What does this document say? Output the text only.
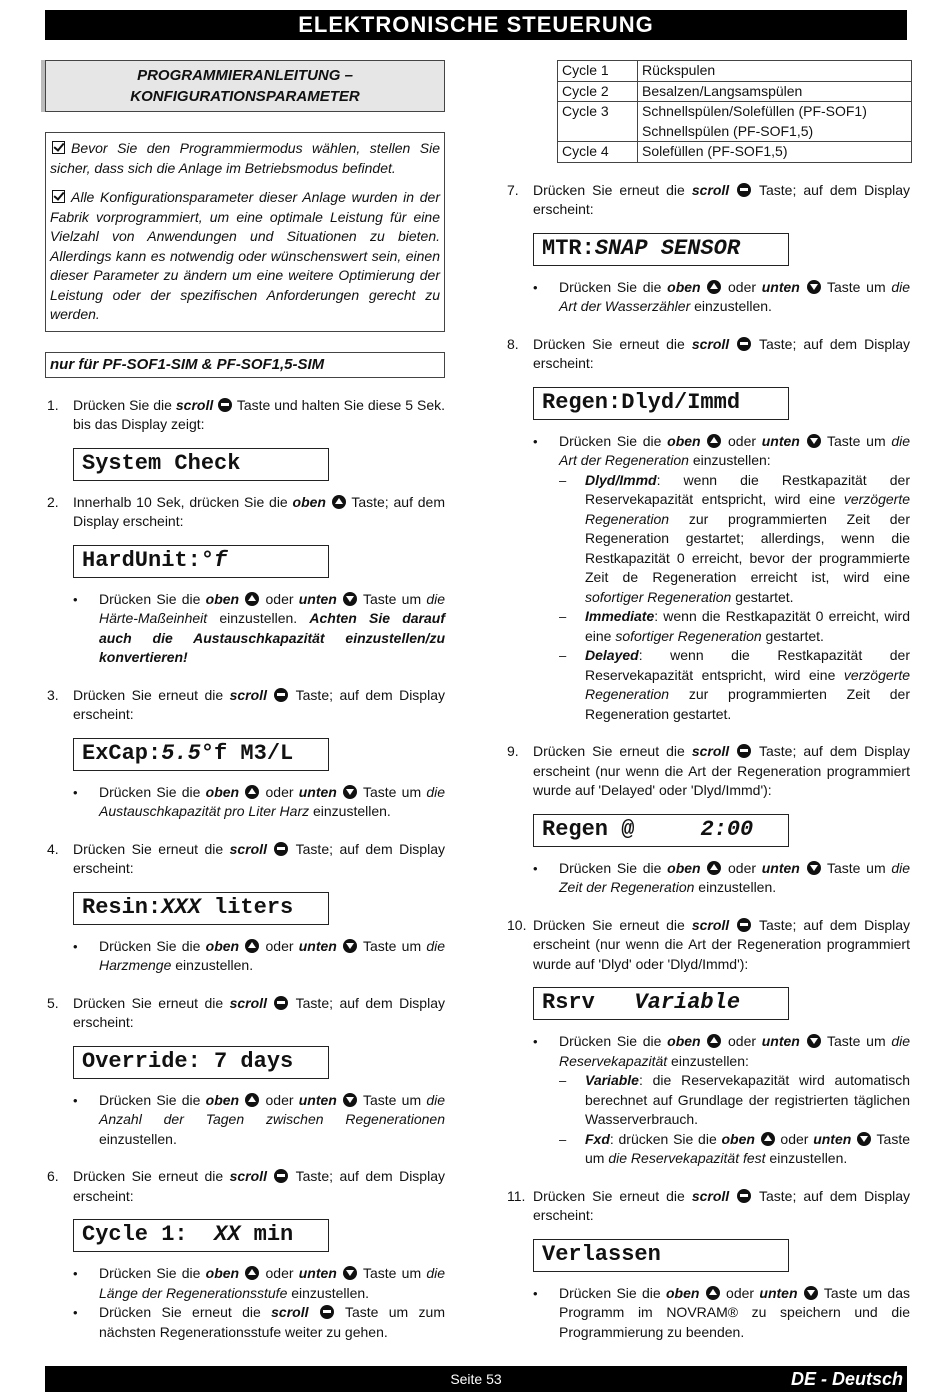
ELEKTRONISCHE STEUERUNG
PROGRAMMIERANLEITUNG –
KONFIGURATIONSPARAMETER

Bevor Sie den Programmiermodus wählen, stellen Sie sicher, dass sich die Anlage im Betriebsmodus befindet.

Alle Konfigurationsparameter dieser Anlage wurden in der Fabrik vorprogrammiert, um eine optimale Leistung für eine Vielzahl von Anwendungen und Situationen zu bieten. Allerdings kann es notwendig oder wünschenswert sein, einen dieser Parameter zu ändern um eine weitere Optimierung der Leistung oder der spezifischen Anforderungen gerecht zu werden.

nur für PF-SOF1-SIM & PF-SOF1,5-SIM
1. Drücken Sie die scroll  Taste und halten Sie diese 5 Sek. bis das Display zeigt:
System Check
2. Innerhalb 10 Sek, drücken Sie die oben  Taste; auf dem Display erscheint:
HardUnit:°f
• Drücken Sie die oben  oder unten  Taste um die Härte-Maßeinheit einzustellen. Achten Sie darauf auch die Austauschkapazität einzustellen/zu konvertieren!
3. Drücken Sie erneut die scroll  Taste; auf dem Display erscheint:
ExCap:5.5°f M3/L
• Drücken Sie die oben  oder unten  Taste um die Austauschkapazität pro Liter Harz einzustellen.
4. Drücken Sie erneut die scroll  Taste; auf dem Display erscheint:
Resin:XXX liters
• Drücken Sie die oben  oder unten  Taste um die Harzmenge einzustellen.
5. Drücken Sie erneut die scroll  Taste; auf dem Display erscheint:
Override: 7 days
• Drücken Sie die oben  oder unten  Taste um die Anzahl der Tagen zwischen Regenerationen einzustellen.
6. Drücken Sie erneut die scroll  Taste; auf dem Display erscheint:
Cycle 1:  XX min
• Drücken Sie die oben  oder unten  Taste um die Länge der Regenerationsstufe einzustellen.
• Drücken Sie erneut die scroll  Taste um zum nächsten Regenerationsstufe weiter zu gehen.
Cycle 1	Rückspulen
Cycle 2	Besalzen/Langsamspülen
Cycle 3	Schnellspülen/Solefüllen (PF-SOF1)
Schnellspülen (PF-SOF1,5)

Cycle 4	Solefüllen (PF-SOF1,5)
7. Drücken Sie erneut die scroll  Taste; auf dem Display erscheint:
MTR:SNAP SENSOR
• Drücken Sie die oben  oder unten  Taste um die Art der Wasserzähler einzustellen.
8. Drücken Sie erneut die scroll  Taste; auf dem Display erscheint:
Regen:Dlyd/Immd
• Drücken Sie die oben  oder unten  Taste um die Art der Regeneration einzustellen:
– Dlyd/Immd: wenn die Restkapazität der Reservekapazität entspricht, wird eine verzögerte Regeneration zur programmierten Zeit der Regeneration gestartet; allerdings, wenn die Restkapazität 0 erreicht, bevor der programmierte Zeit de Regeneration erreicht ist, wird eine sofortiger Regeneration gestartet.
– Immediate: wenn die Restkapazität 0 erreicht, wird eine sofortiger Regeneration gestartet.
– Delayed: wenn die Restkapazität der Reservekapazität entspricht, wird eine verzögerte Regeneration zur programmierten Zeit der Regeneration gestartet.
9. Drücken Sie erneut die scroll  Taste; auf dem Display erscheint (nur wenn die Art der Regeneration programmiert wurde auf 'Delayed' oder 'Dlyd/Immd'):
Regen @     2:00
• Drücken Sie die oben  oder unten  Taste um die Zeit der Regeneration einzustellen.
10. Drücken Sie erneut die scroll  Taste; auf dem Display erscheint (nur wenn die Art der Regeneration programmiert wurde auf 'Dlyd' oder 'Dlyd/Immd'):
Rsrv   Variable
• Drücken Sie die oben  oder unten  Taste um die Reservekapazität einzustellen:
– Variable: die Reservekapazität wird automatisch berechnet auf Grundlage der registrierten täglichen Wasserverbrauch.
– Fxd: drücken Sie die oben  oder unten  Taste um die Reservekapazität fest einzustellen.
11. Drücken Sie erneut die scroll  Taste; auf dem Display erscheint:
Verlassen
• Drücken Sie die oben  oder unten  Taste um das Programm im NOVRAM® zu speichern und die Programmierung zu beenden.
Seite 53	DE - Deutsch
